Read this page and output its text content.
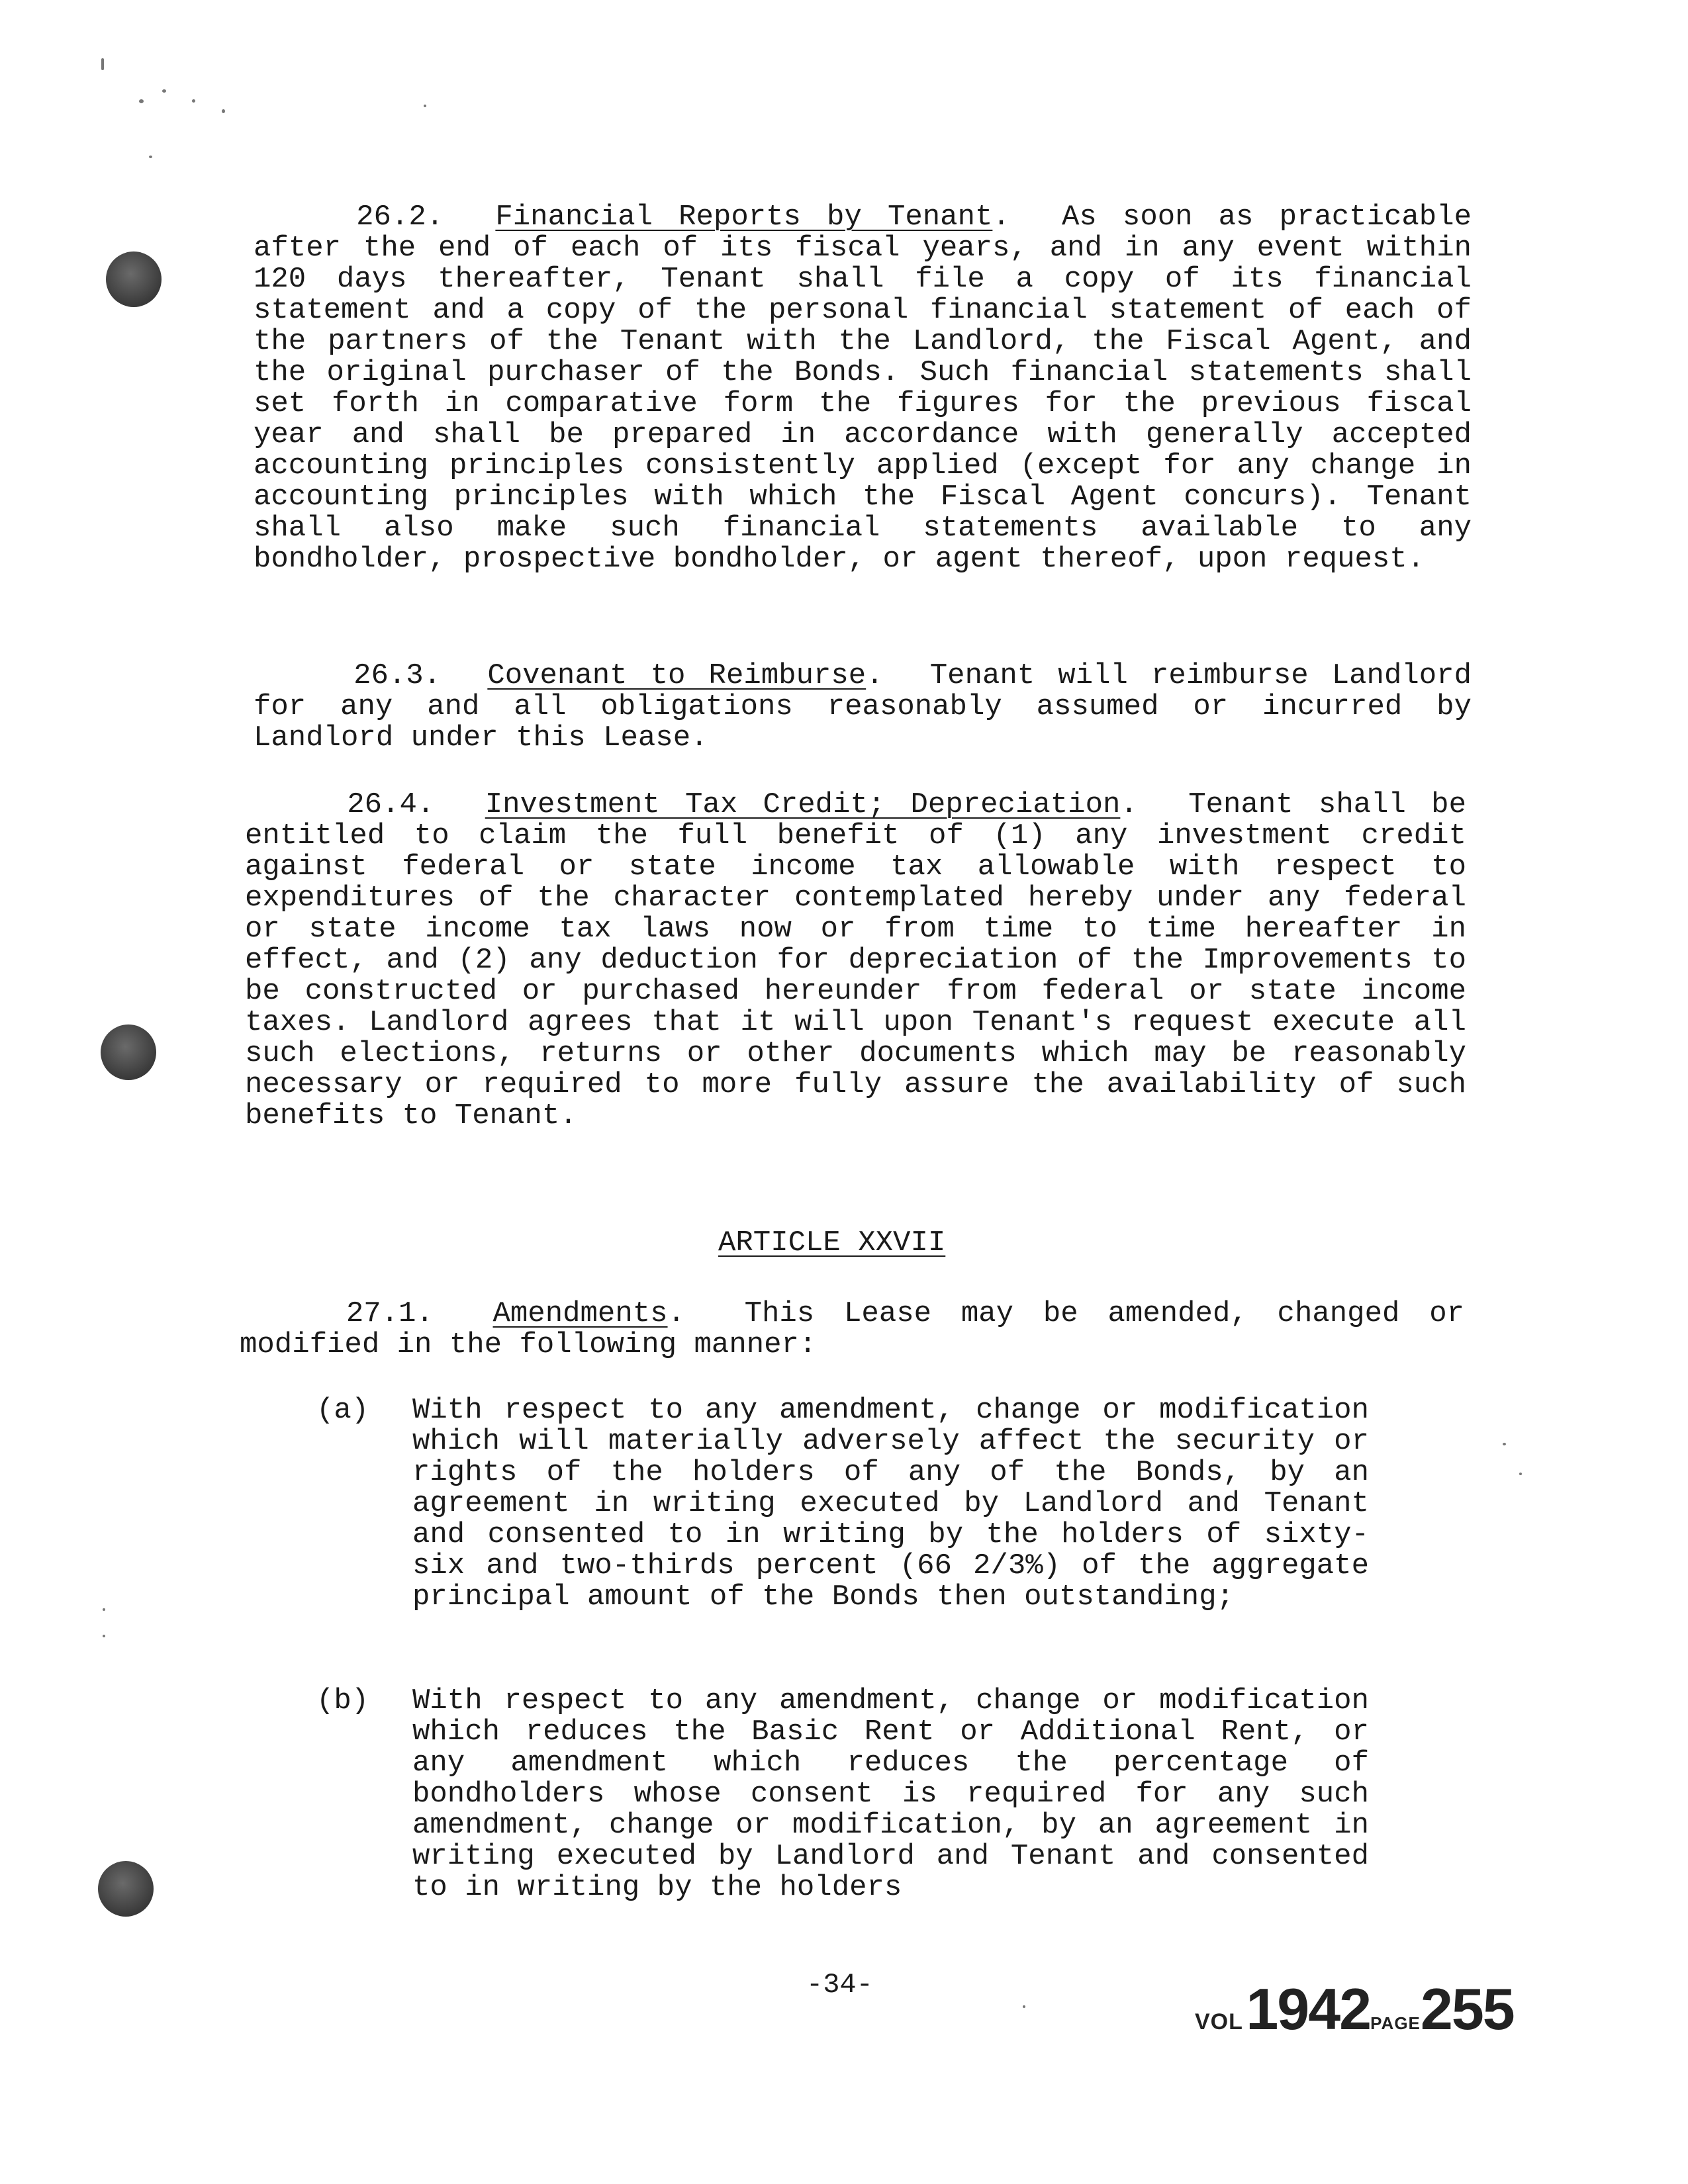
26.2. Financial Reports by Tenant.  As soon as practicable after the end of each of its fiscal years, and in any event within 120 days thereafter, Tenant shall file a copy of its financial statement and a copy of the personal financial statement of each of the partners of the Tenant with the Landlord, the Fiscal Agent, and the original purchaser of the Bonds. Such financial statements shall set forth in comparative form the figures for the previous fiscal year and shall be prepared in accordance with generally accepted accounting principles consistently applied (except for any change in accounting principles with which the Fiscal Agent concurs). Tenant shall also make such financial statements available to any bondholder, prospective bondholder, or agent thereof, upon request.
26.3. Covenant to Reimburse.  Tenant will reimburse Landlord for any and all obligations reasonably assumed or incurred by Landlord under this Lease.
26.4. Investment Tax Credit; Depreciation.  Tenant shall be entitled to claim the full benefit of (1) any investment credit against federal or state income tax allowable with respect to expenditures of the character contemplated hereby under any federal or state income tax laws now or from time to time hereafter in effect, and (2) any deduction for depreciation of the Improvements to be constructed or purchased hereunder from federal or state income taxes. Landlord agrees that it will upon Tenant's request execute all such elections, returns or other documents which may be reasonably necessary or required to more fully assure the availability of such benefits to Tenant.
ARTICLE XXVII
27.1. Amendments.  This Lease may be amended, changed or modified in the following manner:
(a) With respect to any amendment, change or modification which will materially adversely affect the security or rights of the holders of any of the Bonds, by an agreement in writing executed by Landlord and Tenant and consented to in writing by the holders of sixty-six and two-thirds percent (66 2/3%) of the aggregate principal amount of the Bonds then outstanding;
(b) With respect to any amendment, change or modification which reduces the Basic Rent or Additional Rent, or any amendment which reduces the percentage of bondholders whose consent is required for any such amendment, change or modification, by an agreement in writing executed by Landlord and Tenant and consented to in writing by the holders
-34-
VOL 1942PAGE255
